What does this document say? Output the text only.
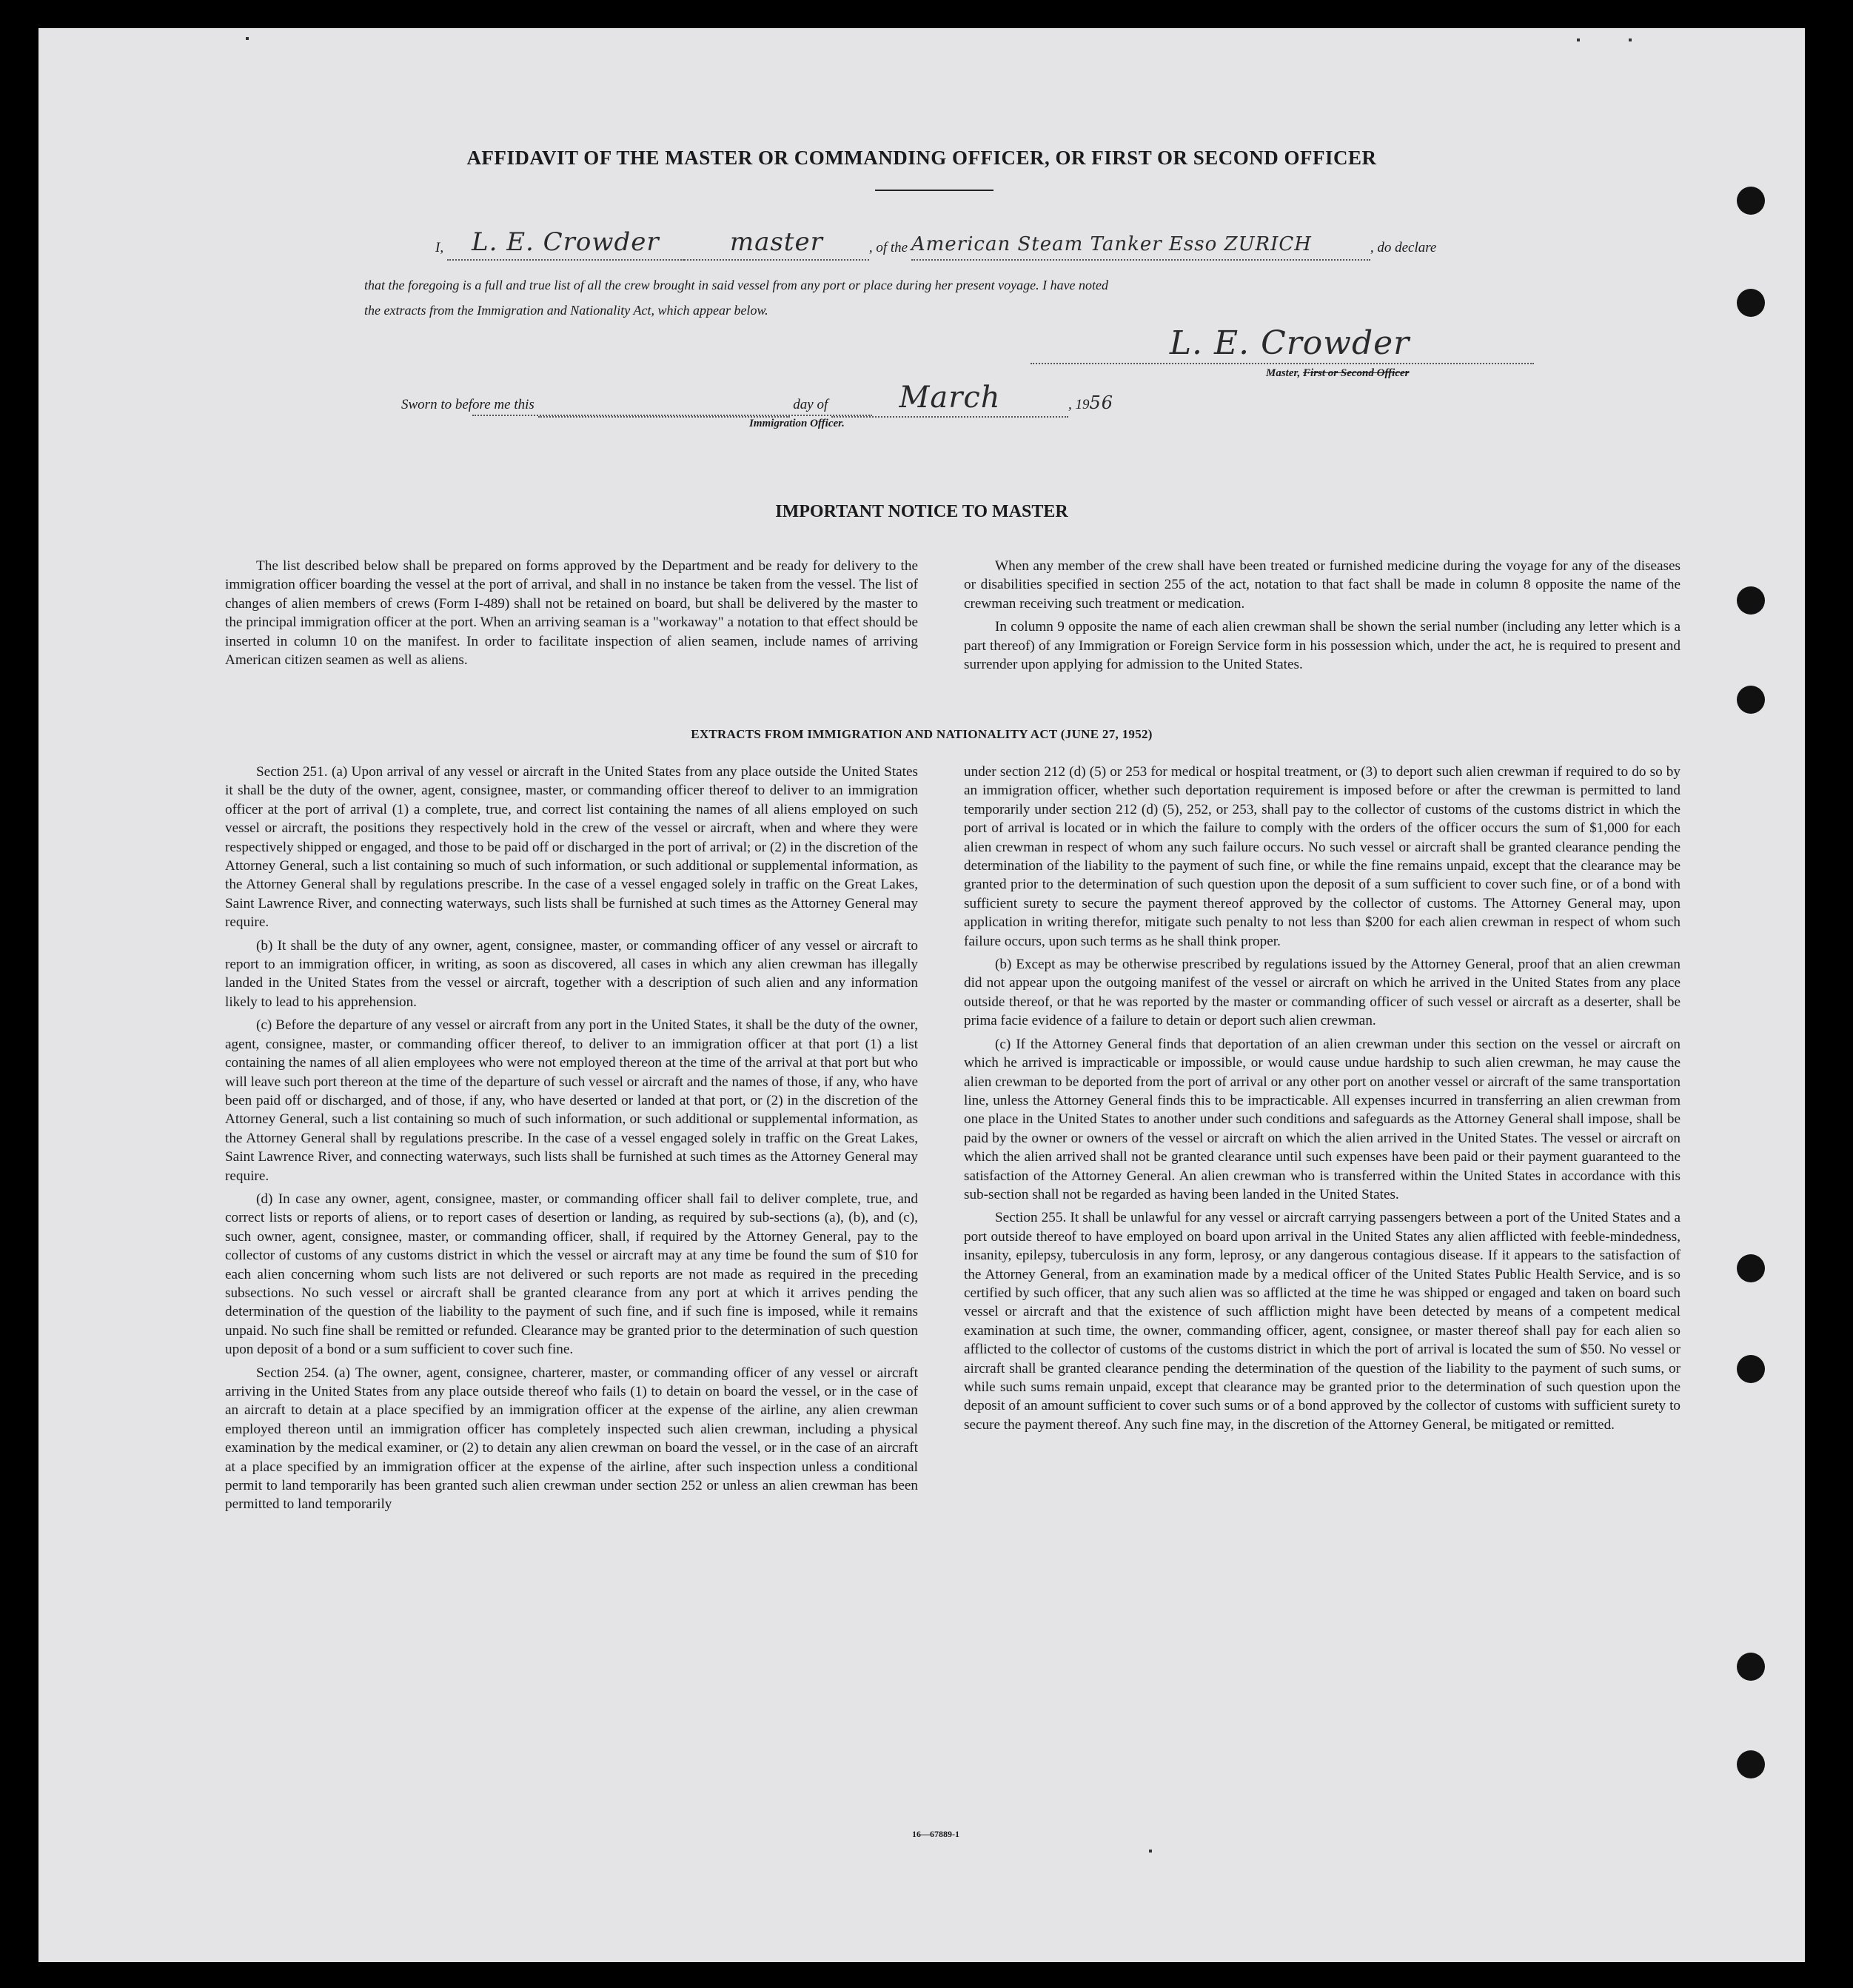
AFFIDAVIT OF THE MASTER OR COMMANDING OFFICER, OR FIRST OR SECOND OFFICER
I, L. E. Crowder	master	, of the American Steam Tanker Esso ZURICH	, do declare
that the foregoing is a full and true list of all the crew brought in said vessel from any port or place during her present voyage. I have noted
the extracts from the Immigration and Nationality Act, which appear below.
L. E. Crowder
Master, First or Second Officer
Sworn to before me this	day of March	, 1956
Immigration Officer.
IMPORTANT NOTICE TO MASTER

The list described below shall be prepared on forms approved by the Department and be ready for delivery to the immigration officer boarding the vessel at the port of arrival, and shall in no instance be taken from the vessel. The list of changes of alien members of crews (Form I-489) shall not be retained on board, but shall be delivered by the master to the principal immigration officer at the port. When an arriving seaman is a "workaway" a notation to that effect should be inserted in column 10 on the manifest. In order to facilitate inspection of alien seamen, include names of arriving American citizen seamen as well as aliens.

When any member of the crew shall have been treated or furnished medicine during the voyage for any of the diseases or disabilities specified in section 255 of the act, notation to that fact shall be made in column 8 opposite the name of the crewman receiving such treatment or medication.

In column 9 opposite the name of each alien crewman shall be shown the serial number (including any letter which is a part thereof) of any Immigration or Foreign Service form in his possession which, under the act, he is required to present and surrender upon applying for admission to the United States.

EXTRACTS FROM IMMIGRATION AND NATIONALITY ACT (JUNE 27, 1952)

Section 251. (a) Upon arrival of any vessel or aircraft in the United States from any place outside the United States it shall be the duty of the owner, agent, consignee, master, or commanding officer thereof to deliver to an immigration officer at the port of arrival (1) a complete, true, and correct list containing the names of all aliens employed on such vessel or aircraft, the positions they respectively hold in the crew of the vessel or aircraft, when and where they were respectively shipped or engaged, and those to be paid off or discharged in the port of arrival; or (2) in the discretion of the Attorney General, such a list containing so much of such information, or such additional or supplemental information, as the Attorney General shall by regulations prescribe. In the case of a vessel engaged solely in traffic on the Great Lakes, Saint Lawrence River, and connecting waterways, such lists shall be furnished at such times as the Attorney General may require.

(b) It shall be the duty of any owner, agent, consignee, master, or commanding officer of any vessel or aircraft to report to an immigration officer, in writing, as soon as discovered, all cases in which any alien crewman has illegally landed in the United States from the vessel or aircraft, together with a description of such alien and any information likely to lead to his apprehension.

(c) Before the departure of any vessel or aircraft from any port in the United States, it shall be the duty of the owner, agent, consignee, master, or commanding officer thereof, to deliver to an immigration officer at that port (1) a list containing the names of all alien employees who were not employed thereon at the time of the arrival at that port but who will leave such port thereon at the time of the departure of such vessel or aircraft and the names of those, if any, who have been paid off or discharged, and of those, if any, who have deserted or landed at that port, or (2) in the discretion of the Attorney General, such a list containing so much of such information, or such additional or supplemental information, as the Attorney General shall by regulations prescribe. In the case of a vessel engaged solely in traffic on the Great Lakes, Saint Lawrence River, and connecting waterways, such lists shall be furnished at such times as the Attorney General may require.

(d) In case any owner, agent, consignee, master, or commanding officer shall fail to deliver complete, true, and correct lists or reports of aliens, or to report cases of desertion or landing, as required by sub-sections (a), (b), and (c), such owner, agent, consignee, master, or commanding officer, shall, if required by the Attorney General, pay to the collector of customs of any customs district in which the vessel or aircraft may at any time be found the sum of $10 for each alien concerning whom such lists are not delivered or such reports are not made as required in the preceding subsections. No such vessel or aircraft shall be granted clearance from any port at which it arrives pending the determination of the question of the liability to the payment of such fine, and if such fine is imposed, while it remains unpaid. No such fine shall be remitted or refunded. Clearance may be granted prior to the determination of such question upon deposit of a bond or a sum sufficient to cover such fine.

Section 254. (a) The owner, agent, consignee, charterer, master, or commanding officer of any vessel or aircraft arriving in the United States from any place outside thereof who fails (1) to detain on board the vessel, or in the case of an aircraft to detain at a place specified by an immigration officer at the expense of the airline, any alien crewman employed thereon until an immigration officer has completely inspected such alien crewman, including a physical examination by the medical examiner, or (2) to detain any alien crewman on board the vessel, or in the case of an aircraft at a place specified by an immigration officer at the expense of the airline, after such inspection unless a conditional permit to land temporarily has been granted such alien crewman under section 252 or unless an alien crewman has been permitted to land temporarily

under section 212 (d) (5) or 253 for medical or hospital treatment, or (3) to deport such alien crewman if required to do so by an immigration officer, whether such deportation requirement is imposed before or after the crewman is permitted to land temporarily under section 212 (d) (5), 252, or 253, shall pay to the collector of customs of the customs district in which the port of arrival is located or in which the failure to comply with the orders of the officer occurs the sum of $1,000 for each alien crewman in respect of whom any such failure occurs. No such vessel or aircraft shall be granted clearance pending the determination of the liability to the payment of such fine, or while the fine remains unpaid, except that the clearance may be granted prior to the determination of such question upon the deposit of a sum sufficient to cover such fine, or of a bond with sufficient surety to secure the payment thereof approved by the collector of customs. The Attorney General may, upon application in writing therefor, mitigate such penalty to not less than $200 for each alien crewman in respect of whom such failure occurs, upon such terms as he shall think proper.

(b) Except as may be otherwise prescribed by regulations issued by the Attorney General, proof that an alien crewman did not appear upon the outgoing manifest of the vessel or aircraft on which he arrived in the United States from any place outside thereof, or that he was reported by the master or commanding officer of such vessel or aircraft as a deserter, shall be prima facie evidence of a failure to detain or deport such alien crewman.

(c) If the Attorney General finds that deportation of an alien crewman under this section on the vessel or aircraft on which he arrived is impracticable or impossible, or would cause undue hardship to such alien crewman, he may cause the alien crewman to be deported from the port of arrival or any other port on another vessel or aircraft of the same transportation line, unless the Attorney General finds this to be impracticable. All expenses incurred in transferring an alien crewman from one place in the United States to another under such conditions and safeguards as the Attorney General shall impose, shall be paid by the owner or owners of the vessel or aircraft on which the alien arrived in the United States. The vessel or aircraft on which the alien arrived shall not be granted clearance until such expenses have been paid or their payment guaranteed to the satisfaction of the Attorney General. An alien crewman who is transferred within the United States in accordance with this sub-section shall not be regarded as having been landed in the United States.

Section 255. It shall be unlawful for any vessel or aircraft carrying passengers between a port of the United States and a port outside thereof to have employed on board upon arrival in the United States any alien afflicted with feeble-mindedness, insanity, epilepsy, tuberculosis in any form, leprosy, or any dangerous contagious disease. If it appears to the satisfaction of the Attorney General, from an examination made by a medical officer of the United States Public Health Service, and is so certified by such officer, that any such alien was so afflicted at the time he was shipped or engaged and taken on board such vessel or aircraft and that the existence of such affliction might have been detected by means of a competent medical examination at such time, the owner, commanding officer, agent, consignee, or master thereof shall pay for each alien so afflicted to the collector of customs of the customs district in which the port of arrival is located the sum of $50. No vessel or aircraft shall be granted clearance pending the determination of the question of the liability to the payment of such sums, or while such sums remain unpaid, except that clearance may be granted prior to the determination of such question upon the deposit of an amount sufficient to cover such sums or of a bond approved by the collector of customs with sufficient surety to secure the payment thereof. Any such fine may, in the discretion of the Attorney General, be mitigated or remitted.

16—67889-1
